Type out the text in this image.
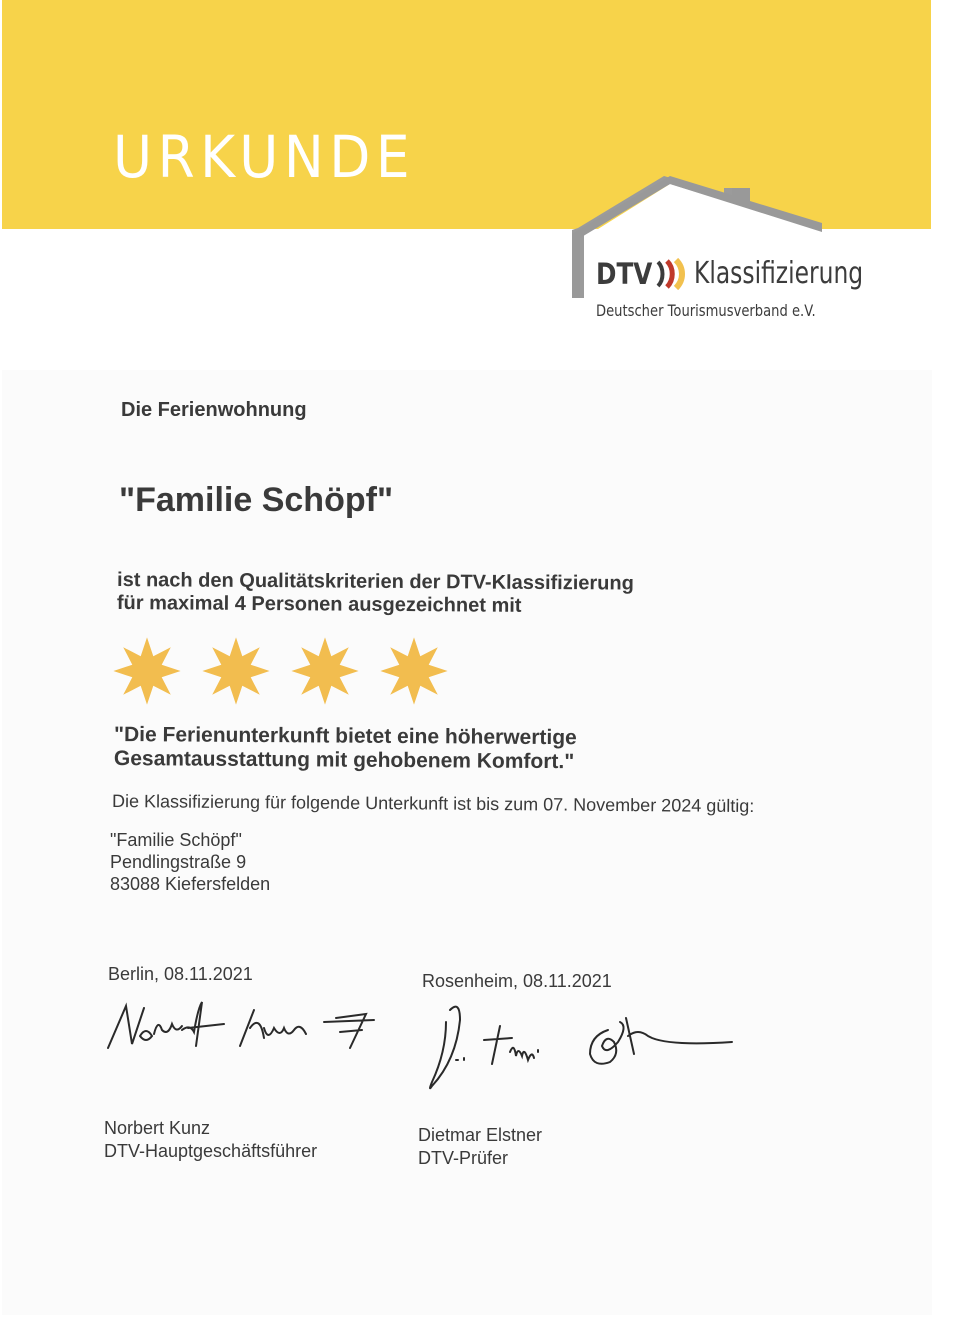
URKUNDE
DTV Klassifizierung
Deutscher Tourismusverband e.V.
Die Ferienwohnung
"Familie Schöpf"
ist nach den Qualitätskriterien der DTV-Klassifizierung
für maximal 4 Personen ausgezeichnet mit
"Die Ferienunterkunft bietet eine höherwertige
Gesamtausstattung mit gehobenem Komfort."
Die Klassifizierung für folgende Unterkunft ist bis zum 07. November 2024 gültig:
"Familie Schöpf"
Pendlingstraße 9
83088 Kiefersfelden
Berlin, 08.11.2021	Rosenheim, 08.11.2021
Norbert Kunz
DTV-Hauptgeschäftsführer
Dietmar Elstner
DTV-Prüfer
